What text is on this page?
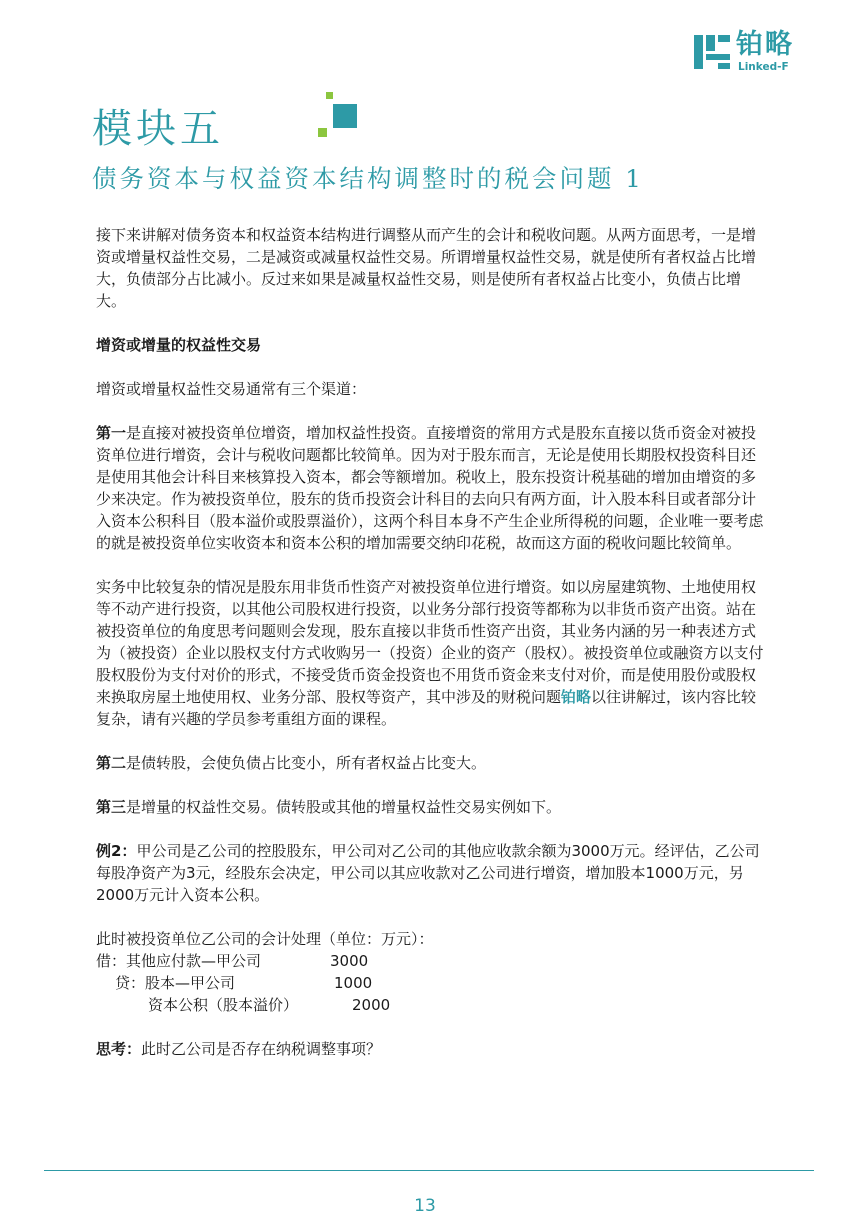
铂略
Linked-F
模块五
债务资本与权益资本结构调整时的税会问题 1

接下来讲解对债务资本和权益资本结构进行调整从而产生的会计和税收问题。从两方面思考，一是增资或增量权益性交易，二是减资或减量权益性交易。所谓增量权益性交易，就是使所有者权益占比增大，负债部分占比减小。反过来如果是减量权益性交易，则是使所有者权益占比变小，负债占比增大。

增资或增量的权益性交易

增资或增量权益性交易通常有三个渠道：

第一是直接对被投资单位增资，增加权益性投资。直接增资的常用方式是股东直接以货币资金对被投资单位进行增资，会计与税收问题都比较简单。因为对于股东而言，无论是使用长期股权投资科目还是使用其他会计科目来核算投入资本，都会等额增加。税收上，股东投资计税基础的增加由增资的多少来决定。作为被投资单位，股东的货币投资会计科目的去向只有两方面，计入股本科目或者部分计入资本公积科目（股本溢价或股票溢价），这两个科目本身不产生企业所得税的问题，企业唯一要考虑的就是被投资单位实收资本和资本公积的增加需要交纳印花税，故而这方面的税收问题比较简单。

实务中比较复杂的情况是股东用非货币性资产对被投资单位进行增资。如以房屋建筑物、土地使用权等不动产进行投资，以其他公司股权进行投资，以业务分部行投资等都称为以非货币资产出资。站在被投资单位的角度思考问题则会发现，股东直接以非货币性资产出资，其业务内涵的另一种表述方式为（被投资）企业以股权支付方式收购另一（投资）企业的资产（股权）。被投资单位或融资方以支付股权股份为支付对价的形式，不接受货币资金投资也不用货币资金来支付对价，而是使用股份或股权来换取房屋土地使用权、业务分部、股权等资产，其中涉及的财税问题铂略以往讲解过，该内容比较复杂，请有兴趣的学员参考重组方面的课程。

第二是债转股，会使负债占比变小，所有者权益占比变大。

第三是增量的权益性交易。债转股或其他的增量权益性交易实例如下。

例2：甲公司是乙公司的控股股东，甲公司对乙公司的其他应收款余额为3000万元。经评估，乙公司每股净资产为3元，经股东会决定，甲公司以其应收款对乙公司进行增资，增加股本1000万元，另2000万元计入资本公积。

此时被投资单位乙公司的会计处理（单位：万元）：

借：其他应付款—甲公司	3000
贷：股本—甲公司	1000
资本公积（股本溢价）	2000

思考：此时乙公司是否存在纳税调整事项？

13
